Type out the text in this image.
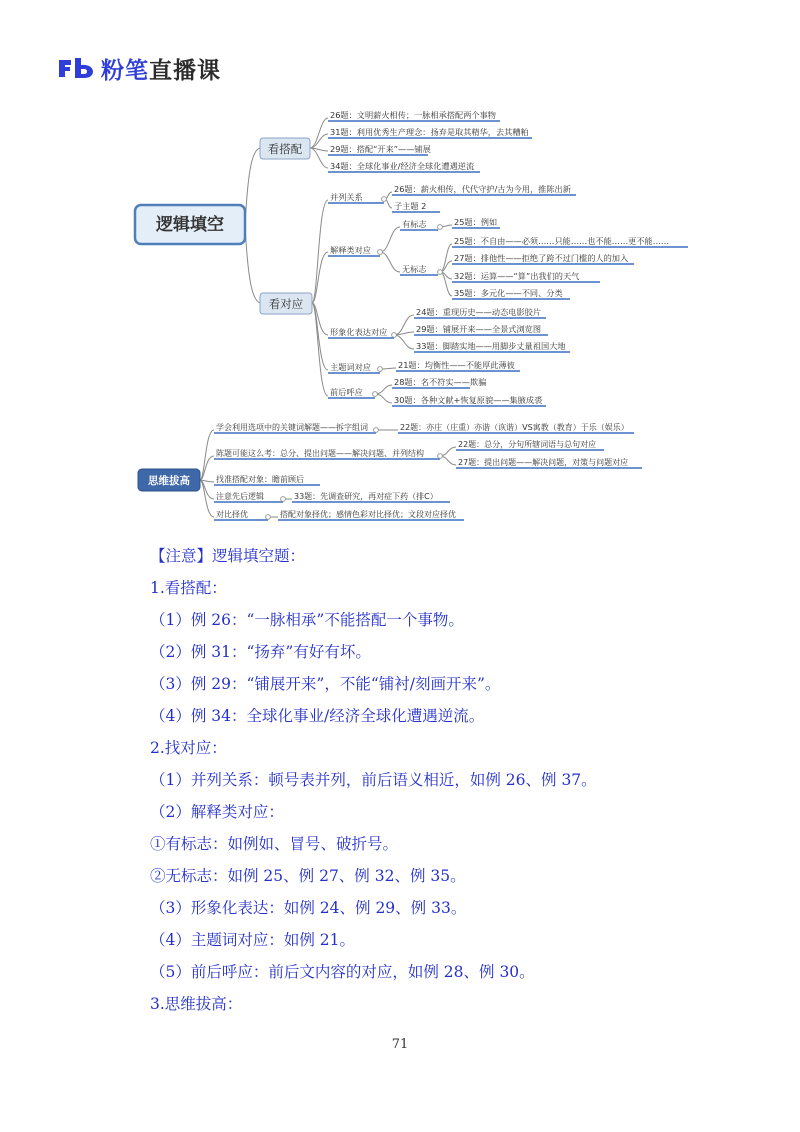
粉笔直播课
逻辑填空
看搭配
看对应
26题：文明薪火相传；一脉相承搭配两个事物
31题：利用优秀生产理念：扬弃是取其精华，去其糟粕
29题：搭配“开来”——铺展
34题：全球化事业/经济全球化遭遇逆流
并列关系
26题：薪火相传，代代守护/古为今用，推陈出新
子主题 2
解释类对应
有标志	25题：例如
无标志
25题：不自由——必须……只能……也不能……更不能……
27题：排他性——拒绝了跨不过门槛的人的加入
32题：运算——“算”出我们的天气
35题：多元化——不同、分类
形象化表达对应
24题：重现历史——动态电影胶片
29题：铺展开来——全景式浏览图
33题：脚踏实地——用脚步丈量祖国大地
主题词对应	21题：均衡性——不能厚此薄彼
前后呼应
28题：名不符实——欺骗
30题：各种文献+恢复原貌——集腋成裘
思维拔高
学会利用选项中的关键词解题——拆字组词	22题：亦庄（庄重）亦谐（诙谐）VS寓教（教育）于乐（娱乐）
陈题可能这么考：总分、提出问题——解决问题、并列结构
22题：总分，分句所辖词语与总句对应
27题：提出问题——解决问题，对策与问题对应
找准搭配对象：瞻前顾后
注意先后逻辑	33题：先调查研究，再对症下药（排C）
对比择优	搭配对象择优；感情色彩对比择优；文段对应择优

【注意】逻辑填空题：

1.看搭配：

（1）例 26：“一脉相承”不能搭配一个事物。

（2）例 31：“扬弃”有好有坏。

（3）例 29：“铺展开来”，不能“铺衬/刻画开来”。

（4）例 34：全球化事业/经济全球化遭遇逆流。

2.找对应：

（1）并列关系：顿号表并列，前后语义相近，如例 26、例 37。

（2）解释类对应：

①有标志：如例如、冒号、破折号。

②无标志：如例 25、例 27、例 32、例 35。

（3）形象化表达：如例 24、例 29、例 33。

（4）主题词对应：如例 21。

（5）前后呼应：前后文内容的对应，如例 28、例 30。

3.思维拔高：

71
